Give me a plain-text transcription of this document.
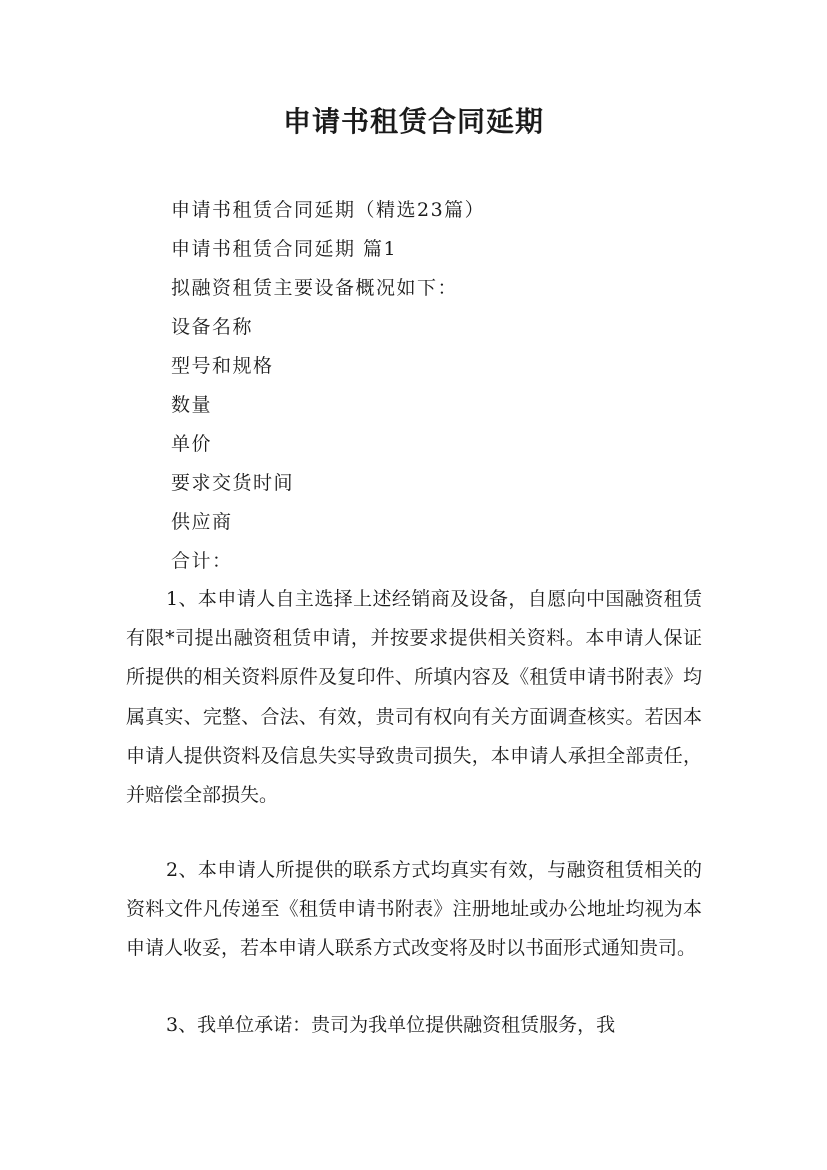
申请书租赁合同延期
申请书租赁合同延期（精选23篇）
申请书租赁合同延期 篇1
拟融资租赁主要设备概况如下：
设备名称
型号和规格
数量
单价
要求交货时间
供应商
合计：

1、本申请人自主选择上述经销商及设备，自愿向中国融资租赁有限*司提出融资租赁申请，并按要求提供相关资料。本申请人保证所提供的相关资料原件及复印件、所填内容及《租赁申请书附表》均属真实、完整、合法、有效，贵司有权向有关方面调查核实。若因本申请人提供资料及信息失实导致贵司损失，本申请人承担全部责任，并赔偿全部损失。

2、本申请人所提供的联系方式均真实有效，与融资租赁相关的资料文件凡传递至《租赁申请书附表》注册地址或办公地址均视为本申请人收妥，若本申请人联系方式改变将及时以书面形式通知贵司。

3、我单位承诺：贵司为我单位提供融资租赁服务，我
